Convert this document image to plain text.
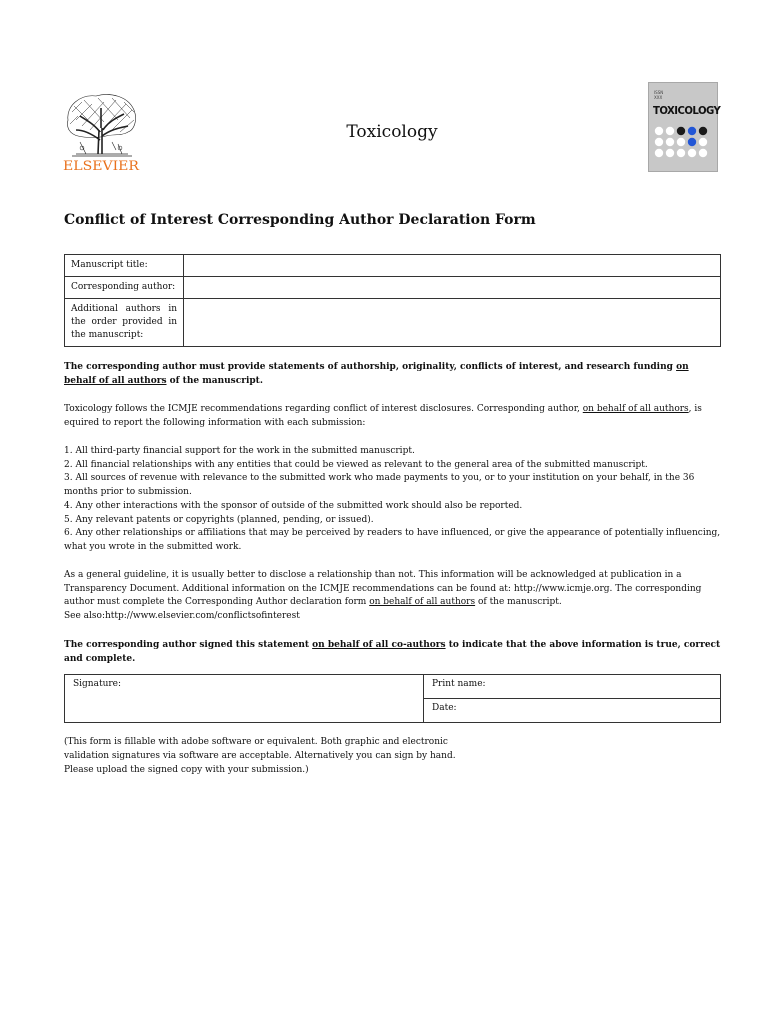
ELSEVIER
Toxicology
ISSN
XXX
TOXICOLOGY
Conflict of Interest Corresponding Author Declaration Form
Manuscript title:	
Corresponding author:	
Additional authors in the order provided in the manuscript:	
The corresponding author must provide statements of authorship, originality, conflicts of interest, and research funding on behalf of all authors of the manuscript.
Toxicology follows the ICMJE recommendations regarding conflict of interest disclosures. Corresponding author, on behalf of all authors, is equired to report the following information with each submission:

1. All third-party financial support for the work in the submitted manuscript.

2. All financial relationships with any entities that could be viewed as relevant to the general area of the submitted manuscript.

3. All sources of revenue with relevance to the submitted work who made payments to you, or to your institution on your behalf, in the 36 months prior to submission.

4. Any other interactions with the sponsor of outside of the submitted work should also be reported.

5. Any relevant patents or copyrights (planned, pending, or issued).

6. Any other relationships or affiliations that may be perceived by readers to have influenced, or give the appearance of potentially influencing, what you wrote in the submitted work.

As a general guideline, it is usually better to disclose a relationship than not. This information will be acknowledged at publication in a Transparency Document. Additional information on the ICMJE recommendations can be found at: http://www.icmje.org. The corresponding author must complete the Corresponding Author declaration form on behalf of all authors of the manuscript.

See also:http://www.elsevier.com/conflictsofinterest

The corresponding author signed this statement on behalf of all co-authors to indicate that the above information is true, correct and complete.
Signature:	Print name:
Date:
(This form is fillable with adobe software or equivalent. Both graphic and electronic validation signatures via software are acceptable. Alternatively you can sign by hand. Please upload the signed copy with your submission.)
